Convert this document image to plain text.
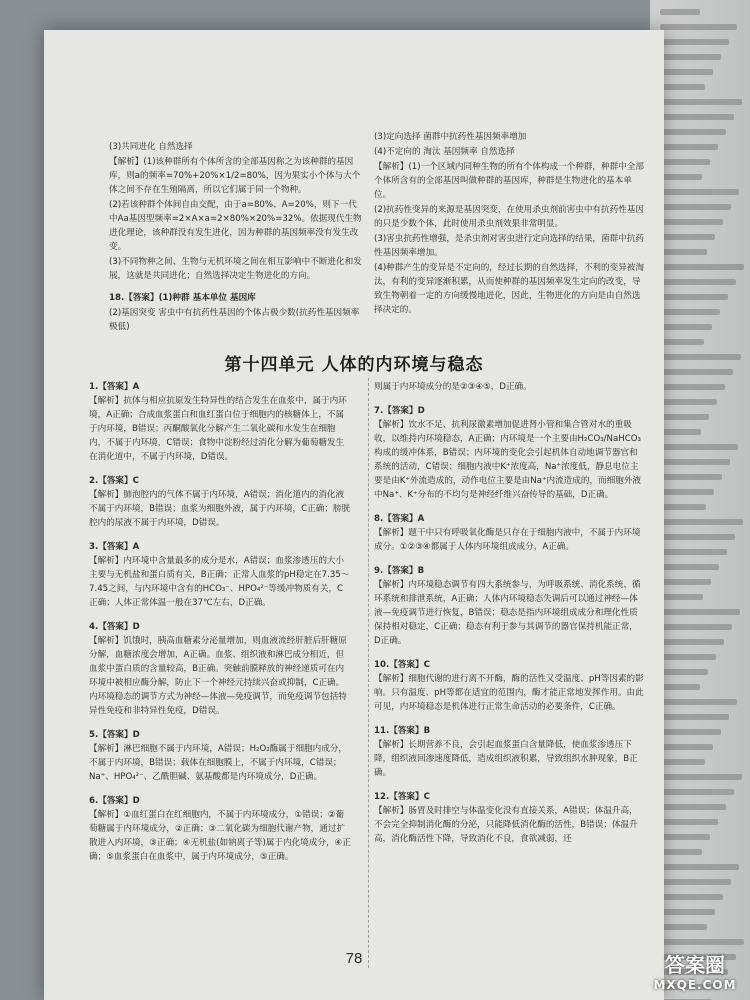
(3)共同进化 自然选择
【解析】(1)该种群所有个体所含的全部基因称之为该种群的基因库，则a的频率=70%+20%×1/2=80%，因为果实小个体与大个体之间不存在生殖隔离，所以它们属于同一个物种。
(2)若该种群个体间自由交配，由于a=80%、A=20%，则下一代中Aa基因型频率=2×A×a=2×80%×20%=32%。依据现代生物进化理论，该种群没有发生进化，因为种群的基因频率没有发生改变。
(3)不同物种之间、生物与无机环境之间在相互影响中不断进化和发展，这就是共同进化；自然选择决定生物进化的方向。
18.【答案】(1)种群 基本单位 基因库
(2)基因突变 害虫中有抗药性基因的个体占极少数(抗药性基因频率极低)
(3)定向选择 菌群中抗药性基因频率增加
(4)不定向的 淘汰 基因频率 自然选择
【解析】(1)一个区域内同种生物的所有个体构成一个种群，种群中全部个体所含有的全部基因叫做种群的基因库，种群是生物进化的基本单位。
(2)抗药性变异的来源是基因突变，在使用杀虫剂前害虫中有抗药性基因的只是少数个体，此时使用杀虫剂效果非常明显。
(3)害虫抗药性增强，是杀虫剂对害虫进行定向选择的结果，菌群中抗药性基因频率增加。
(4)种群产生的变异是不定向的，经过长期的自然选择，不利的变异被淘汰，有利的变异逐渐积累，从而使种群的基因频率发生定向的改变，导致生物朝着一定的方向缓慢地进化，因此，生物进化的方向是由自然选择决定的。
第十四单元 人体的内环境与稳态
1.【答案】A
【解析】抗体与相应抗原发生特异性的结合发生在血浆中，属于内环境，A正确；合成血浆蛋白和血红蛋白位于细胞内的核糖体上，不属于内环境，B错误；丙酮酸氧化分解产生二氧化碳和水发生在细胞内，不属于内环境，C错误；食物中淀粉经过消化分解为葡萄糖发生在消化道中，不属于内环境，D错误。
2.【答案】C
【解析】肺泡腔内的气体不属于内环境，A错误；消化道内的消化液不属于内环境，B错误；血浆为细胞外液，属于内环境，C正确；膀胱腔内的尿液不属于内环境，D错误。
3.【答案】A
【解析】内环境中含量最多的成分是水，A错误；血浆渗透压的大小主要与无机盐和蛋白质有关，B正确；正常人血浆的pH稳定在7.35～7.45之间，与内环境中含有的HCO₃⁻、HPO₄²⁻等缓冲物质有关，C正确；人体正常体温一般在37℃左右，D正确。
4.【答案】D
【解析】饥饿时，胰高血糖素分泌量增加，则血液流经肝脏后肝糖原分解，血糖浓度会增加，A正确。血浆、组织液和淋巴成分相近，但血浆中蛋白质的含量较高，B正确。突触前膜释放的神经递质可在内环境中被相应酶分解，防止下一个神经元持续兴奋或抑制，C正确。内环境稳态的调节方式为神经—体液—免疫调节，而免疫调节包括特异性免疫和非特异性免疫，D错误。
5.【答案】D
【解析】淋巴细胞不属于内环境，A错误；H₂O₂酶属于细胞内成分，不属于内环境，B错误；载体在细胞膜上，不属于内环境，C错误；Na⁺、HPO₄²⁻、乙酰胆碱、氨基酸都是内环境成分，D正确。
6.【答案】D
【解析】①血红蛋白在红细胞内，不属于内环境成分，①错误；②葡萄糖属于内环境成分，②正确；③二氧化碳为细胞代谢产物，通过扩散进入内环境，③正确；④无机盐(如钠离子等)属于内化境成分，④正确；⑤血浆蛋白在血浆中，属于内环境成分，⑤正确。
则属于内环境成分的是②③④⑤，D正确。
7.【答案】D
【解析】饮水不足、抗利尿激素增加促进肾小管和集合管对水的重吸收，以维持内环境稳态，A正确；内环境是一个主要由H₂CO₃/NaHCO₃构成的缓冲体系，B错误；内环境的变化会引起机体自动地调节器官和系统的活动，C错误；细胞内液中K⁺浓度高，Na⁺浓度低，静息电位主要是由K⁺外流造成的，动作电位主要是由Na⁺内流造成的，而细胞外液中Na⁺、K⁺分布的不均匀是神经纤维兴奋传导的基础，D正确。
8.【答案】A
【解析】题干中只有呼吸氧化酶是只存在于细胞内液中，不属于内环境成分。①②③④都属于人体内环境组成成分，A正确。
9.【答案】B
【解析】内环境稳态调节有四大系统参与，为呼吸系统、消化系统、循环系统和排泄系统，A正确；人体内环境稳态失调后可以通过神经—体液—免疫调节进行恢复，B错误；稳态是指内环境组成成分和理化性质保持相对稳定，C正确；稳态有利于参与其调节的器官保持机能正常，D正确。
10.【答案】C
【解析】细胞代谢的进行离不开酶，酶的活性又受温度、pH等因素的影响。只有温度、pH等都在适宜的范围内，酶才能正常地发挥作用。由此可见，内环境稳态是机体进行正常生命活动的必要条件，C正确。
11.【答案】B
【解析】长期营养不良，会引起血浆蛋白含量降低，使血浆渗透压下降，组织液回渗速度降低，造成组织液积累，导致组织水肿现象，B正确。
12.【答案】C
【解析】肠胃及时排空与体温变化没有直接关系，A错误；体温升高，不会完全抑制消化酶的分泌，只能降低消化酶的活性，B错误；体温升高，消化酶活性下降，导致消化不良，食欲减弱，还
78	答案圈
MXQE.COM
